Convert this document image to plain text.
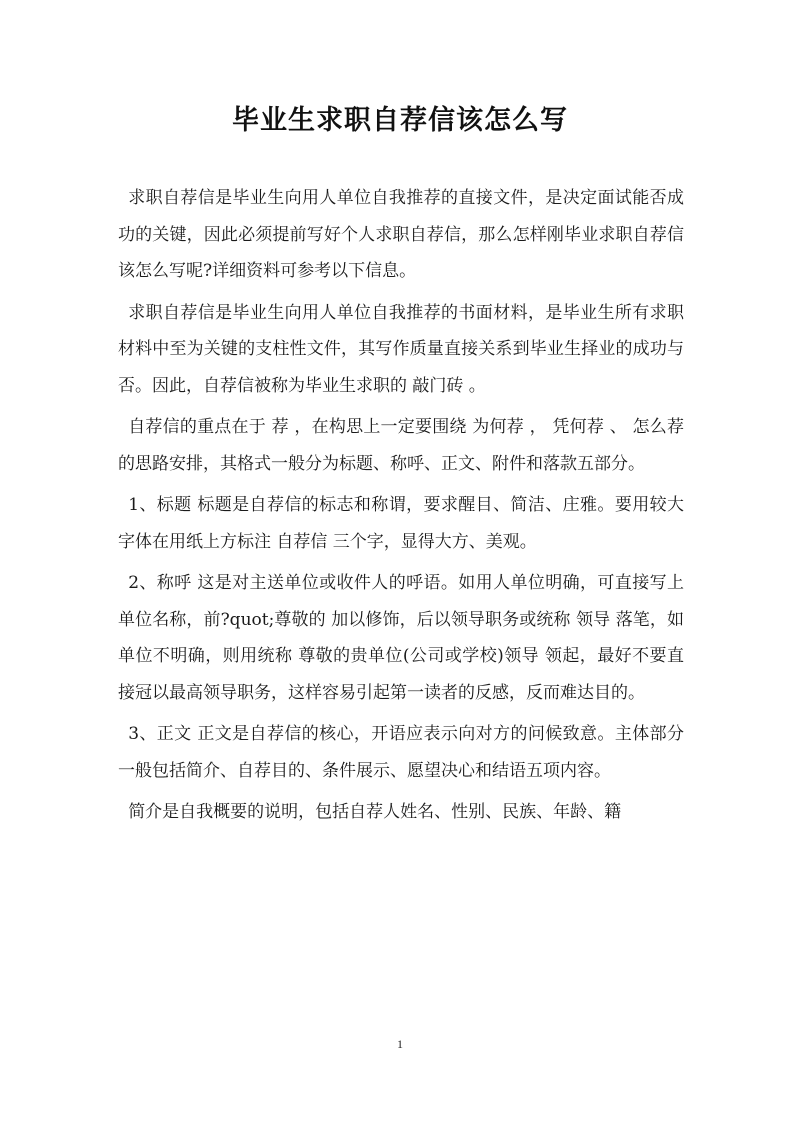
毕业生求职自荐信该怎么写

求职自荐信是毕业生向用人单位自我推荐的直接文件，是决定面试能否成功的关键，因此必须提前写好个人求职自荐信，那么怎样刚毕业求职自荐信该怎么写呢?详细资料可参考以下信息。

求职自荐信是毕业生向用人单位自我推荐的书面材料，是毕业生所有求职材料中至为关键的支柱性文件，其写作质量直接关系到毕业生择业的成功与否。因此，自荐信被称为毕业生求职的 敲门砖 。

自荐信的重点在于 荐 ，在构思上一定要围绕 为何荐 ， 凭何荐 、 怎么荐 的思路安排，其格式一般分为标题、称呼、正文、附件和落款五部分。

1、标题 标题是自荐信的标志和称谓，要求醒目、简洁、庄雅。要用较大字体在用纸上方标注 自荐信 三个字，显得大方、美观。

2、称呼 这是对主送单位或收件人的呼语。如用人单位明确，可直接写上单位名称，前?quot;尊敬的 加以修饰，后以领导职务或统称 领导 落笔，如单位不明确，则用统称 尊敬的贵单位(公司或学校)领导 领起，最好不要直接冠以最高领导职务，这样容易引起第一读者的反感，反而难达目的。

3、正文 正文是自荐信的核心，开语应表示向对方的问候致意。主体部分一般包括简介、自荐目的、条件展示、愿望决心和结语五项内容。

简介是自我概要的说明，包括自荐人姓名、性别、民族、年龄、籍

1
